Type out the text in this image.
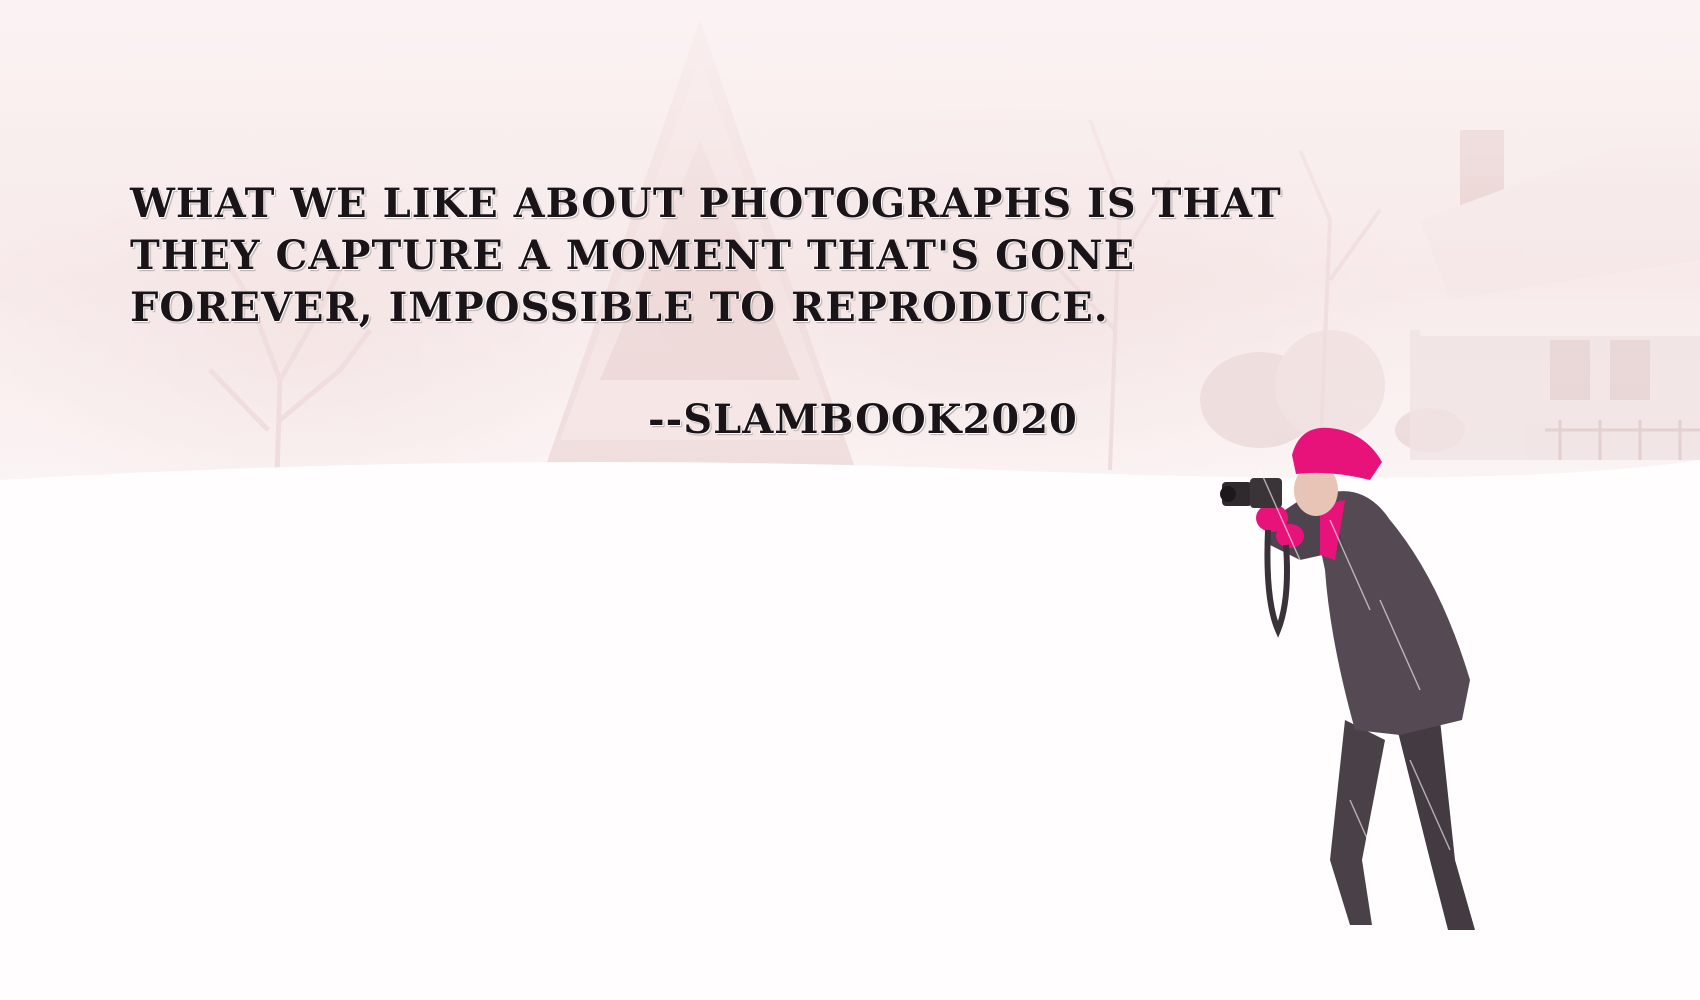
WHAT WE LIKE ABOUT PHOTOGRAPHS IS THAT
THEY CAPTURE A MOMENT THAT'S GONE
FOREVER, IMPOSSIBLE TO REPRODUCE.

--SLAMBOOK2020
